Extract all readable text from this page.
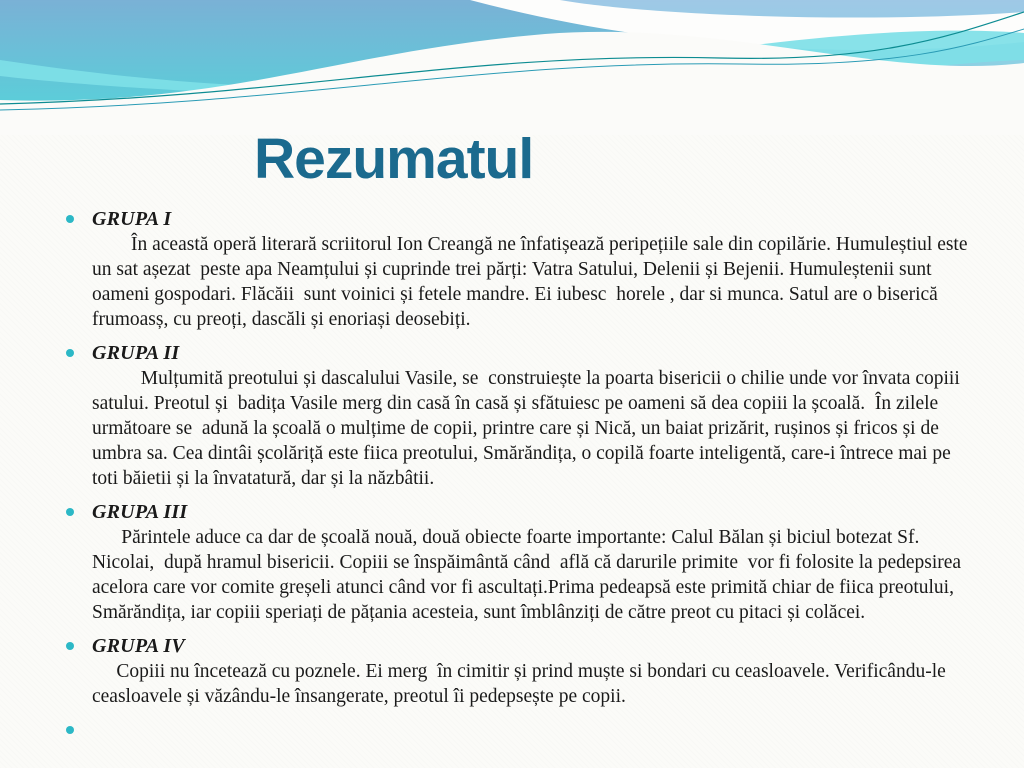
Rezumatul
GRUPA I
În această operă literară scriitorul Ion Creangă ne înfatișează peripețiile sale din copilărie. Humuleștiul este un sat așezat  peste apa Neamțului și cuprinde trei părți: Vatra Satului, Delenii și Bejenii. Humuleștenii sunt oameni gospodari. Flăcăii  sunt voinici și fetele mandre. Ei iubesc  horele , dar si munca. Satul are o biserică frumoasș, cu preoți, dascăli și enoriași deosebiți.
GRUPA II
Mulțumită preotului și dascalului Vasile, se  construiește la poarta bisericii o chilie unde vor învata copiii satului. Preotul și  badița Vasile merg din casă în casă și sfătuiesc pe oameni să dea copiii la școală.  În zilele următoare se  adună la școală o mulțime de copii, printre care și Nică, un baiat prizărit, rușinos și fricos și de umbra sa. Cea dintâi școlăriță este fiica preotului, Smărăndița, o copilă foarte inteligentă, care-i întrece mai pe toti băietii și la învatatură, dar și la năzbâtii.
GRUPA III
Părintele aduce ca dar de școală nouă, două obiecte foarte importante: Calul Bălan și biciul botezat Sf. Nicolai,  după hramul bisericii. Copiii se înspăimântă când  află că darurile primite  vor fi folosite la pedepsirea acelora care vor comite greșeli atunci când vor fi ascultați.Prima pedeapsă este primită chiar de fiica preotului, Smărăndița, iar copiii speriați de pățania acesteia, sunt îmblânziți de către preot cu pitaci și colăcei.
GRUPA IV
Copiii nu încetează cu poznele. Ei merg  în cimitir și prind muște si bondari cu ceasloavele. Verificându-le ceasloavele și văzându-le însangerate, preotul îi pedepsește pe copii.
